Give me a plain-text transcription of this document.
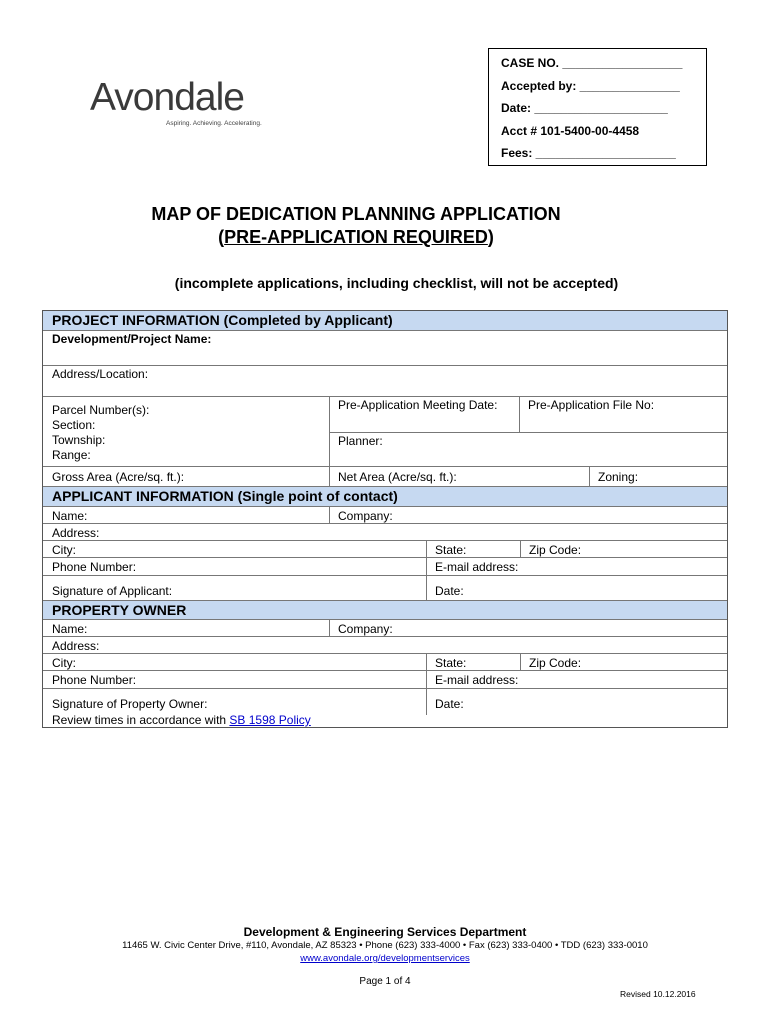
Avondale
Aspiring. Achieving. Accelerating.
CASE NO. __________________
Accepted by: _______________
Date: ____________________
Acct # 101-5400-00-4458
Fees: _____________________
MAP OF DEDICATION PLANNING APPLICATION
(PRE-APPLICATION REQUIRED)
(incomplete applications, including checklist, will not be accepted)
PROJECT INFORMATION (Completed by Applicant)
Development/Project Name:
Address/Location:
Parcel Number(s):
Section:
Township:
Range:
Pre-Application Meeting Date:	Pre-Application File No:
Planner:
Gross Area (Acre/sq. ft.):	Net Area (Acre/sq. ft.):	Zoning:
APPLICANT INFORMATION (Single point of contact)
Name:	Company:
Address:
City:	State:	Zip Code:
Phone Number:	E-mail address:
Signature of Applicant:	Date:
PROPERTY OWNER
Name:	Company:
Address:
City:	State:	Zip Code:
Phone Number:	E-mail address:
Signature of Property Owner:	Date:
Review times in accordance with SB 1598 Policy
Development & Engineering Services Department
11465 W. Civic Center Drive, #110, Avondale, AZ 85323 • Phone (623) 333-4000 • Fax (623) 333-0400 • TDD (623) 333-0010
www.avondale.org/developmentservices
Page 1 of 4
Revised 10.12.2016
